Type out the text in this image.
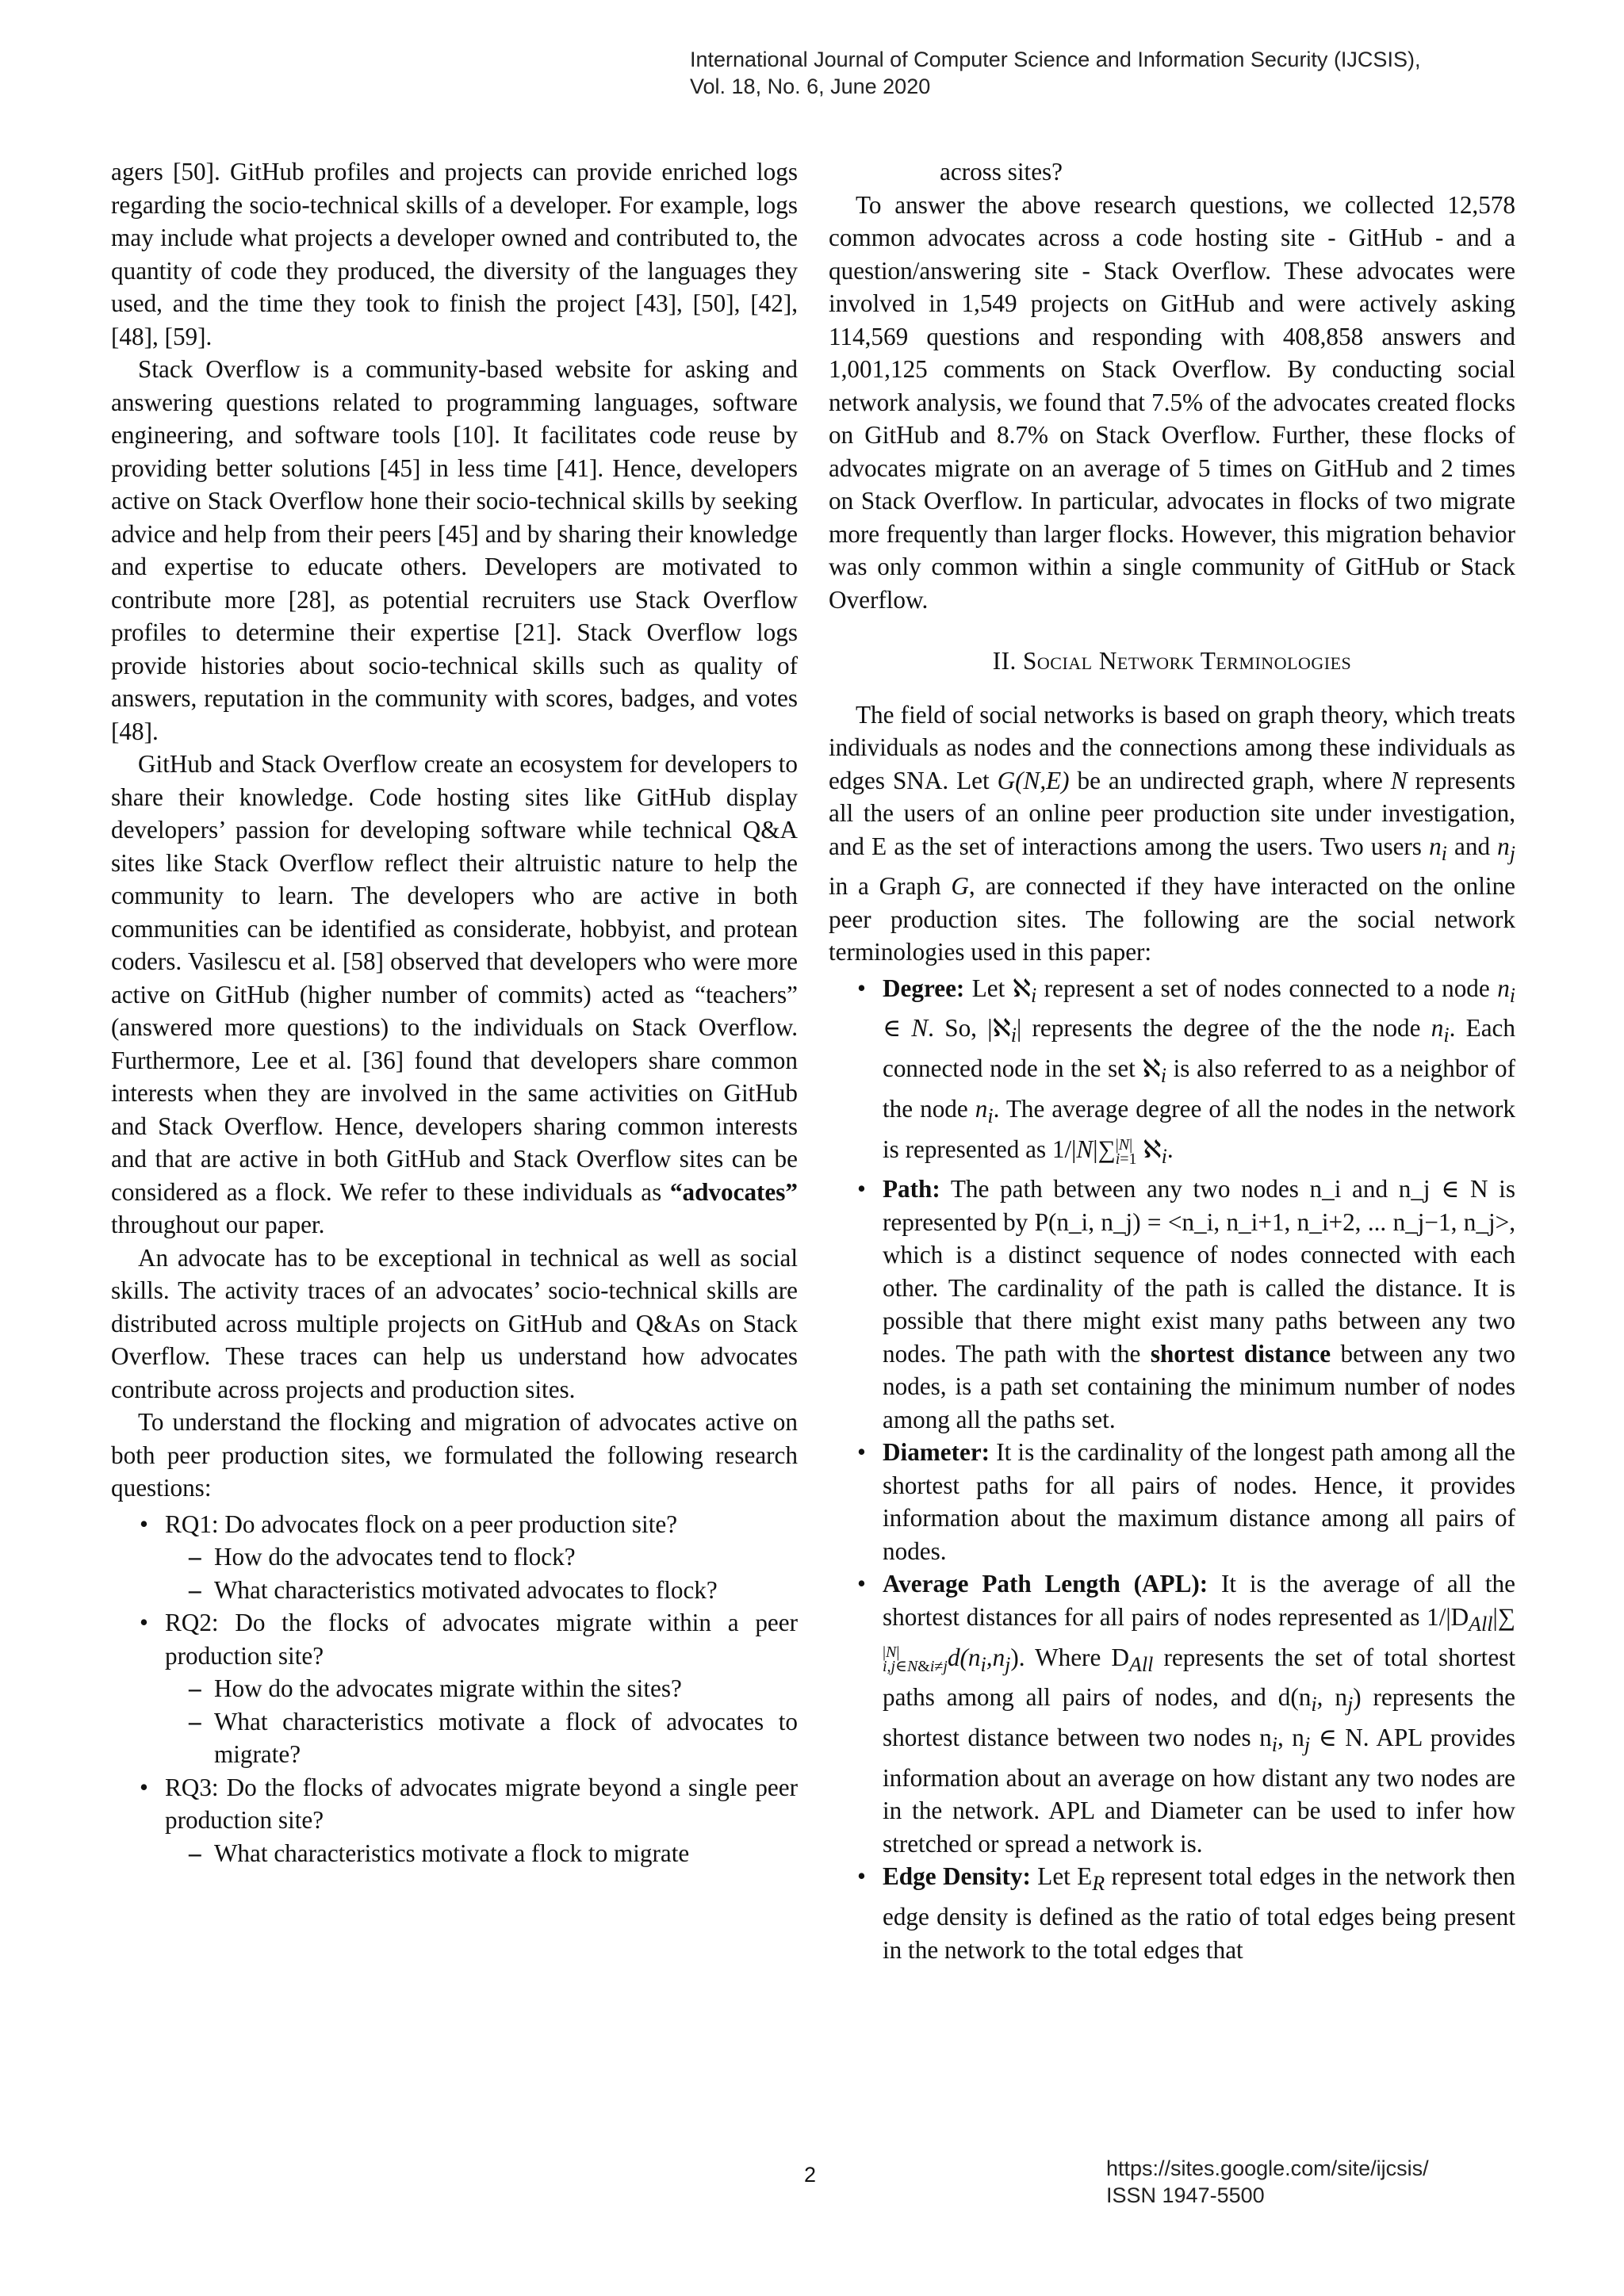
International Journal of Computer Science and Information Security (IJCSIS),
Vol. 18, No. 6, June 2020

agers [50]. GitHub profiles and projects can provide enriched logs regarding the socio-technical skills of a developer. For example, logs may include what projects a developer owned and contributed to, the quantity of code they produced, the diversity of the languages they used, and the time they took to finish the project [43], [50], [42], [48], [59].

Stack Overflow is a community-based website for asking and answering questions related to programming languages, software engineering, and software tools [10]. It facilitates code reuse by providing better solutions [45] in less time [41]. Hence, developers active on Stack Overflow hone their socio-technical skills by seeking advice and help from their peers [45] and by sharing their knowledge and expertise to educate others. Developers are motivated to contribute more [28], as potential recruiters use Stack Overflow profiles to determine their expertise [21]. Stack Overflow logs provide histories about socio-technical skills such as quality of answers, reputation in the community with scores, badges, and votes [48].

GitHub and Stack Overflow create an ecosystem for developers to share their knowledge. Code hosting sites like GitHub display developers’ passion for developing software while technical Q&A sites like Stack Overflow reflect their altruistic nature to help the community to learn. The developers who are active in both communities can be identified as considerate, hobbyist, and protean coders. Vasilescu et al. [58] observed that developers who were more active on GitHub (higher number of commits) acted as “teachers” (answered more questions) to the individuals on Stack Overflow. Furthermore, Lee et al. [36] found that developers share common interests when they are involved in the same activities on GitHub and Stack Overflow. Hence, developers sharing common interests and that are active in both GitHub and Stack Overflow sites can be considered as a flock. We refer to these individuals as “advocates” throughout our paper.

An advocate has to be exceptional in technical as well as social skills. The activity traces of an advocates’ socio-technical skills are distributed across multiple projects on GitHub and Q&As on Stack Overflow. These traces can help us understand how advocates contribute across projects and production sites.

To understand the flocking and migration of advocates active on both peer production sites, we formulated the following research questions:

• RQ1: Do advocates flock on a peer production site?
– How do the advocates tend to flock?
– What characteristics motivated advocates to flock?
• RQ2: Do the flocks of advocates migrate within a peer production site?
– How do the advocates migrate within the sites?
– What characteristics motivate a flock of advocates to migrate?
• RQ3: Do the flocks of advocates migrate beyond a single peer production site?
– What characteristics motivate a flock to migrate

across sites?

To answer the above research questions, we collected 12,578 common advocates across a code hosting site - GitHub - and a question/answering site - Stack Overflow. These advocates were involved in 1,549 projects on GitHub and were actively asking 114,569 questions and responding with 408,858 answers and 1,001,125 comments on Stack Overflow. By conducting social network analysis, we found that 7.5% of the advocates created flocks on GitHub and 8.7% on Stack Overflow. Further, these flocks of advocates migrate on an average of 5 times on GitHub and 2 times on Stack Overflow. In particular, advocates in flocks of two migrate more frequently than larger flocks. However, this migration behavior was only common within a single community of GitHub or Stack Overflow.

II. Social Network Terminologies

The field of social networks is based on graph theory, which treats individuals as nodes and the connections among these individuals as edges SNA. Let G(N,E) be an undirected graph, where N represents all the users of an online peer production site under investigation, and E as the set of interactions among the users. Two users $n_i$ and $n_j$ in a Graph G, are connected if they have interacted on the online peer production sites. The following are the social network terminologies used in this paper:

• Degree: Let ℵ$_i$ represent a set of nodes connected to a node $n_i$ ∈ N. So, |ℵ$_i$| represents the degree of the the node $n_i$. Each connected node in the set ℵ$_i$ is also referred to as a neighbor of the node $n_i$. The average degree of all the nodes in the network is represented as 1/|N|∑ |N|
i=1 ℵ$_i$.
• Path: The path between any two nodes n_i and n_j ∈ N is represented by P(n_i, n_j) = <n_i, n_i+1, n_i+2, ... n_j−1, n_j>, which is a distinct sequence of nodes connected with each other. The cardinality of the path is called the distance. It is possible that there might exist many paths between any two nodes. The path with the shortest distance between any two nodes, is a path set containing the minimum number of nodes among all the paths set.
• Diameter: It is the cardinality of the longest path among all the shortest paths for all pairs of nodes. Hence, it provides information about the maximum distance among all pairs of nodes.
• Average Path Length (APL): It is the average of all the shortest distances for all pairs of nodes represented as $1/|D_{All}|\sum$
|N|
i,j∈N&i≠j $d(n_i,n_j)$. Where $D_{All}$ represents the set of total shortest paths among all pairs of nodes, and $d(n_i$, $n_j$) represents the shortest distance between two nodes $n_i$, $n_j$ ∈ N. APL provides information about an average on how distant any two nodes are in the network. APL and Diameter can be used to infer how stretched or spread a network is.
• Edge Density: Let $E_R$ represent total edges in the network then edge density is defined as the ratio of total edges being present in the network to the total edges that
2	https://sites.google.com/site/ijcsis/
ISSN 1947-5500
